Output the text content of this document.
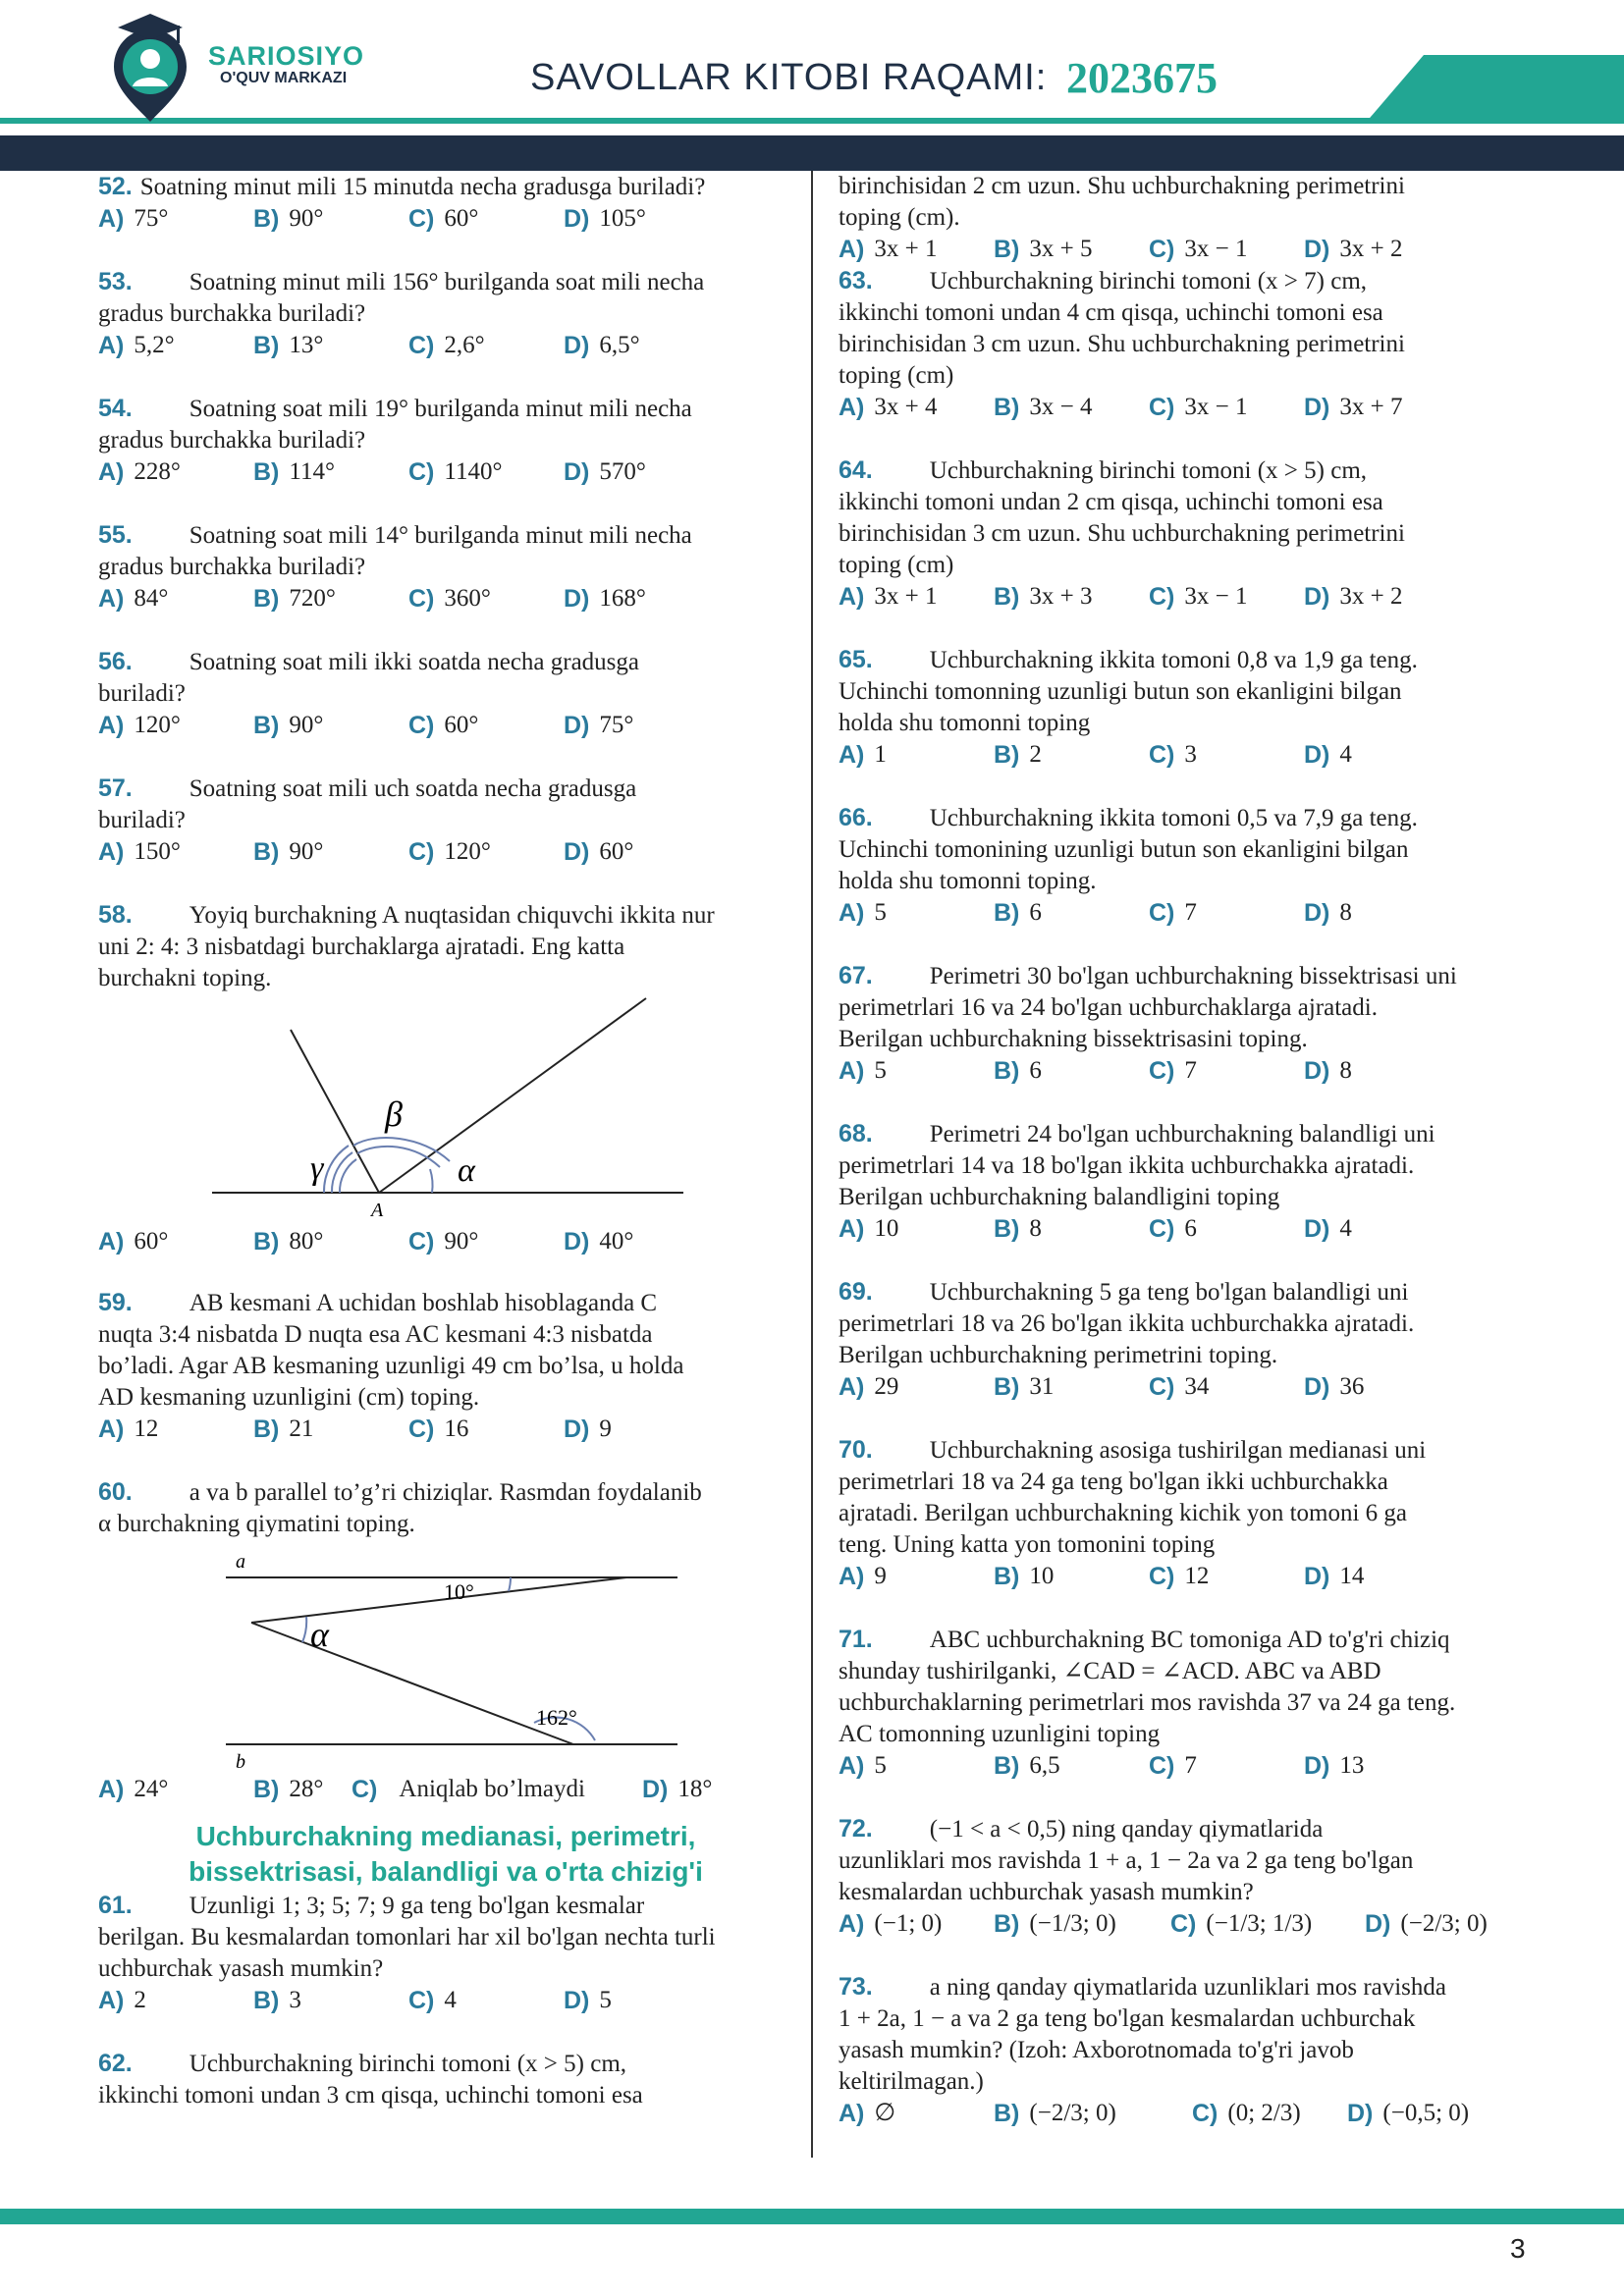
SARIOSIYO
O'QUV MARKAZI	SAVOLLAR KITOBI RAQAMI: 2023675

52. Soatning minut mili 15 minutda necha gradusga buriladi?

A) 75°	B) 90°	C) 60°	D) 105°

53. Soatning minut mili 156° burilganda soat mili necha

gradus burchakka buriladi?

A) 5,2°	B) 13°	C) 2,6°	D) 6,5°

54. Soatning soat mili 19° burilganda minut mili necha

gradus burchakka buriladi?

A) 228°	B) 114°	C) 1140°	D) 570°

55. Soatning soat mili 14° burilganda minut mili necha

gradus burchakka buriladi?

A) 84°	B) 720°	C) 360°	D) 168°

56. Soatning soat mili ikki soatda necha gradusga

buriladi?

A) 120°	B) 90°	C) 60°	D) 75°

57. Soatning soat mili uch soatda necha gradusga

buriladi?

A) 150°	B) 90°	C) 120°	D) 60°

58. Yoyiq burchakning A nuqtasidan chiquvchi ikkita nur

uni 2: 4: 3 nisbatdagi burchaklarga ajratadi. Eng katta

burchakni toping.

β
γ	α
A
A) 60°	B) 80°	C) 90°	D) 40°

59. AB kesmani A uchidan boshlab hisoblaganda C

nuqta 3:4 nisbatda D nuqta esa AC kesmani 4:3 nisbatda

bo’ladi. Agar AB kesmaning uzunligi 49 cm bo’lsa, u holda

AD kesmaning uzunligini (cm) toping.

A) 12	B) 21	C) 16	D) 9

60. a va b parallel to’g’ri chiziqlar. Rasmdan foydalanib

α burchakning qiymatini toping.

a
b
10°
162°
α
A) 24°	B) 28° C) Aniqlab bo’lmaydi D) 18°

Uchburchakning medianasi, perimetri,

bissektrisasi, balandligi va o'rta chizig'i

61. Uzunligi 1; 3; 5; 7; 9 ga teng bo'lgan kesmalar

berilgan. Bu kesmalardan tomonlari har xil bo'lgan nechta turli

uchburchak yasash mumkin?

A) 2	B) 3	C) 4	D) 5

62. Uchburchakning birinchi tomoni (x > 5) cm,

ikkinchi tomoni undan 3 cm qisqa, uchinchi tomoni esa

birinchisidan 2 cm uzun. Shu uchburchakning perimetrini

toping (cm).

A) 3x + 1 B) 3x + 5 C) 3x − 1 D) 3x + 2

63. Uchburchakning birinchi tomoni (x > 7) cm,

ikkinchi tomoni undan 4 cm qisqa, uchinchi tomoni esa

birinchisidan 3 cm uzun. Shu uchburchakning perimetrini

toping (cm)

A) 3x + 4 B) 3x − 4 C) 3x − 1 D) 3x + 7

64. Uchburchakning birinchi tomoni (x > 5) cm,

ikkinchi tomoni undan 2 cm qisqa, uchinchi tomoni esa

birinchisidan 3 cm uzun. Shu uchburchakning perimetrini

toping (cm)

A) 3x + 1 B) 3x + 3 C) 3x − 1 D) 3x + 2

65. Uchburchakning ikkita tomoni 0,8 va 1,9 ga teng.

Uchinchi tomonning uzunligi butun son ekanligini bilgan

holda shu tomonni toping

A) 1	B) 2	C) 3	D) 4

66. Uchburchakning ikkita tomoni 0,5 va 7,9 ga teng.

Uchinchi tomonining uzunligi butun son ekanligini bilgan

holda shu tomonni toping.

A) 5	B) 6	C) 7	D) 8

67. Perimetri 30 bo'lgan uchburchakning bissektrisasi uni

perimetrlari 16 va 24 bo'lgan uchburchaklarga ajratadi.

Berilgan uchburchakning bissektrisasini toping.

A) 5	B) 6	C) 7	D) 8

68. Perimetri 24 bo'lgan uchburchakning balandligi uni

perimetrlari 14 va 18 bo'lgan ikkita uchburchakka ajratadi.

Berilgan uchburchakning balandligini toping

A) 10	B) 8	C) 6	D) 4

69. Uchburchakning 5 ga teng bo'lgan balandligi uni

perimetrlari 18 va 26 bo'lgan ikkita uchburchakka ajratadi.

Berilgan uchburchakning perimetrini toping.

A) 29	B) 31	C) 34	D) 36

70. Uchburchakning asosiga tushirilgan medianasi uni

perimetrlari 18 va 24 ga teng bo'lgan ikki uchburchakka

ajratadi. Berilgan uchburchakning kichik yon tomoni 6 ga

teng. Uning katta yon tomonini toping

A) 9	B) 10	C) 12	D) 14

71. ABC uchburchakning BC tomoniga AD to'g'ri chiziq

shunday tushirilganki, ∠CAD = ∠ACD. ABC va ABD

uchburchaklarning perimetrlari mos ravishda 37 va 24 ga teng.

AC tomonning uzunligini toping

A) 5	B) 6,5	C) 7	D) 13

72. (−1 < a < 0,5) ning qanday qiymatlarida

uzunliklari mos ravishda 1 + a, 1 − 2a va 2 ga teng bo'lgan

kesmalardan uchburchak yasash mumkin?

A) (−1; 0) B) (−1/3; 0) C) (−1/3; 1/3) D) (−2/3; 0)

73. a ning qanday qiymatlarida uzunliklari mos ravishda

1 + 2a, 1 − a va 2 ga teng bo'lgan kesmalardan uchburchak

yasash mumkin? (Izoh: Axborotnomada to'g'ri javob

keltirilmagan.)

A) ∅	B) (−2/3; 0)	C) (0; 2/3) D) (−0,5; 0)
3
